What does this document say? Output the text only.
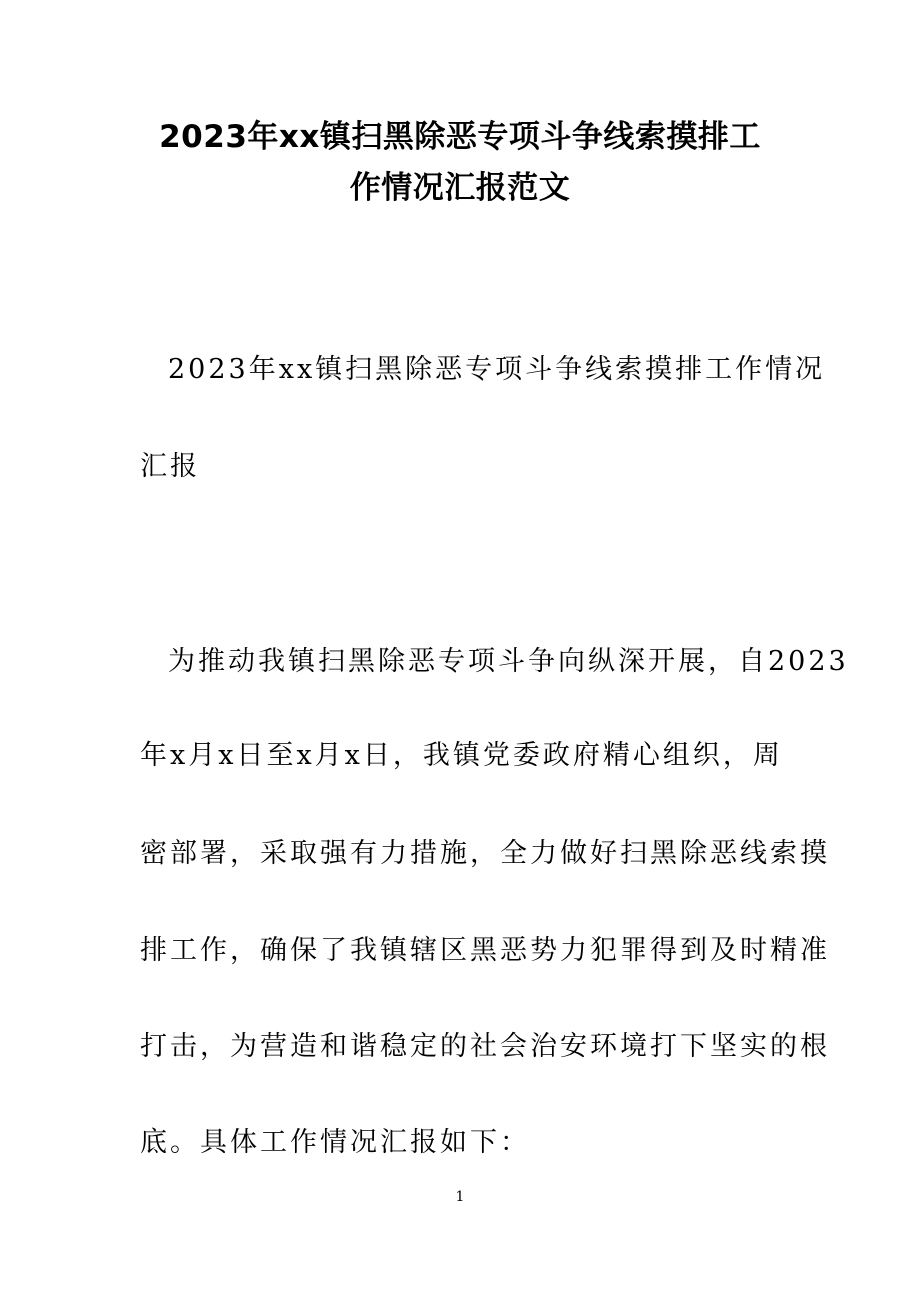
2023年xx镇扫黑除恶专项斗争线索摸排工
作情况汇报范文

2023年xx镇扫黑除恶专项斗争线索摸排工作情况

汇报

为推动我镇扫黑除恶专项斗争向纵深开展，自2023

年x月x日至x月x日，我镇党委政府精心组织，周

密部署，采取强有力措施，全力做好扫黑除恶线索摸

排工作，确保了我镇辖区黑恶势力犯罪得到及时精准

打击，为营造和谐稳定的社会治安环境打下坚实的根

底。具体工作情况汇报如下：

1
